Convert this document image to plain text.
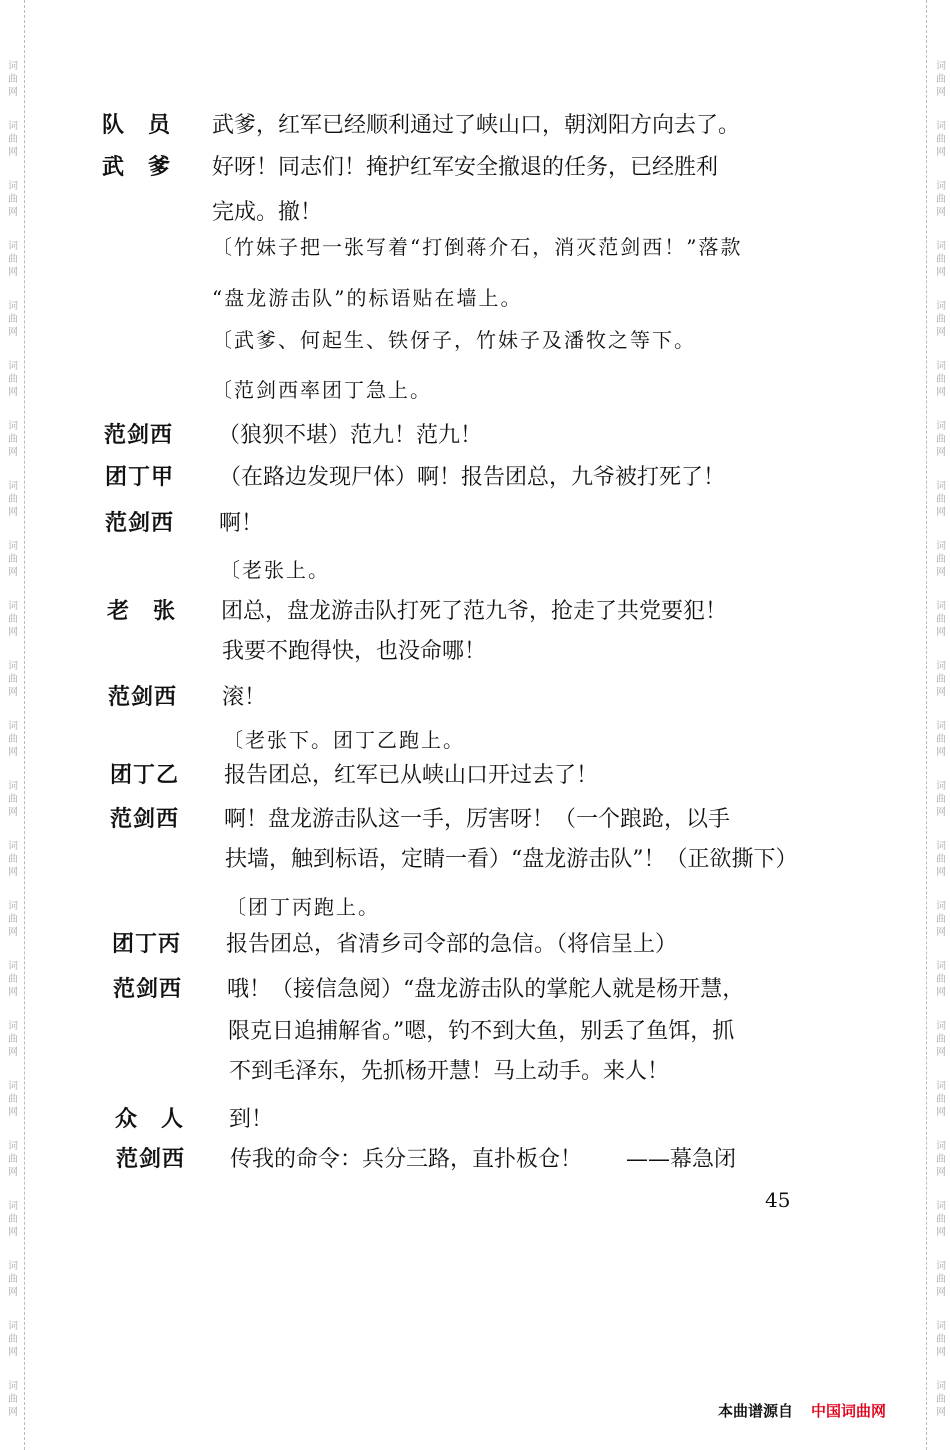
词
曲
网
词
曲
网
词
曲
网
词
曲
网
词
曲
网
词
曲
网
词
曲
网
词
曲
网
词
曲
网
词
曲
网
词
曲
网
词
曲
网
词
曲
网
词
曲
网
词
曲
网
词
曲
网
词
曲
网
词
曲
网
词
曲
网
词
曲
网
词
曲
网
词
曲
网
词
曲
网
词
曲
网
词
曲
网
词
曲
网
词
曲
网
词
曲
网
词
曲
网
词
曲
网
词
曲
网
词
曲
网
词
曲
网
词
曲
网
词
曲
网
词
曲
网
词
曲
网
词
曲
网
词
曲
网
词
曲
网
词
曲
网
词
曲
网
词
曲
网
词
曲
网
词
曲
网
词
曲
网
队　员 武爹，红军已经顺利通过了峡山口，朝浏阳方向去了。
武　爹 好呀！同志们！掩护红军安全撤退的任务，已经胜利
完成。撤！
〔竹妹子把一张写着“打倒蒋介石，消灭范剑西！”落款
“盘龙游击队”的标语贴在墙上。
〔武爹、何起生、铁伢子，竹妹子及潘牧之等下。
〔范剑西率团丁急上。
范剑西 （狼狈不堪）范九！范九！
团丁甲 （在路边发现尸体）啊！报告团总，九爷被打死了！
范剑西 啊！
〔老张上。
老　张 团总，盘龙游击队打死了范九爷，抢走了共党要犯！
我要不跑得快，也没命哪！
范剑西 滚！
〔老张下。团丁乙跑上。
团丁乙 报告团总，红军已从峡山口开过去了！
范剑西 啊！盘龙游击队这一手，厉害呀！（一个踉跄，以手
扶墙，触到标语，定睛一看）“盘龙游击队”！（正欲撕下）
〔团丁丙跑上。
团丁丙 报告团总，省清乡司令部的急信。（将信呈上）
范剑西 哦！（接信急阅）“盘龙游击队的掌舵人就是杨开慧，
限克日追捕解省。”嗯，钓不到大鱼，别丢了鱼饵，抓
不到毛泽东，先抓杨开慧！马上动手。来人！
众　人 到！
范剑西 传我的命令：兵分三路，直扑板仓！　　——幕急闭
45
本曲谱源自 中国词曲网
